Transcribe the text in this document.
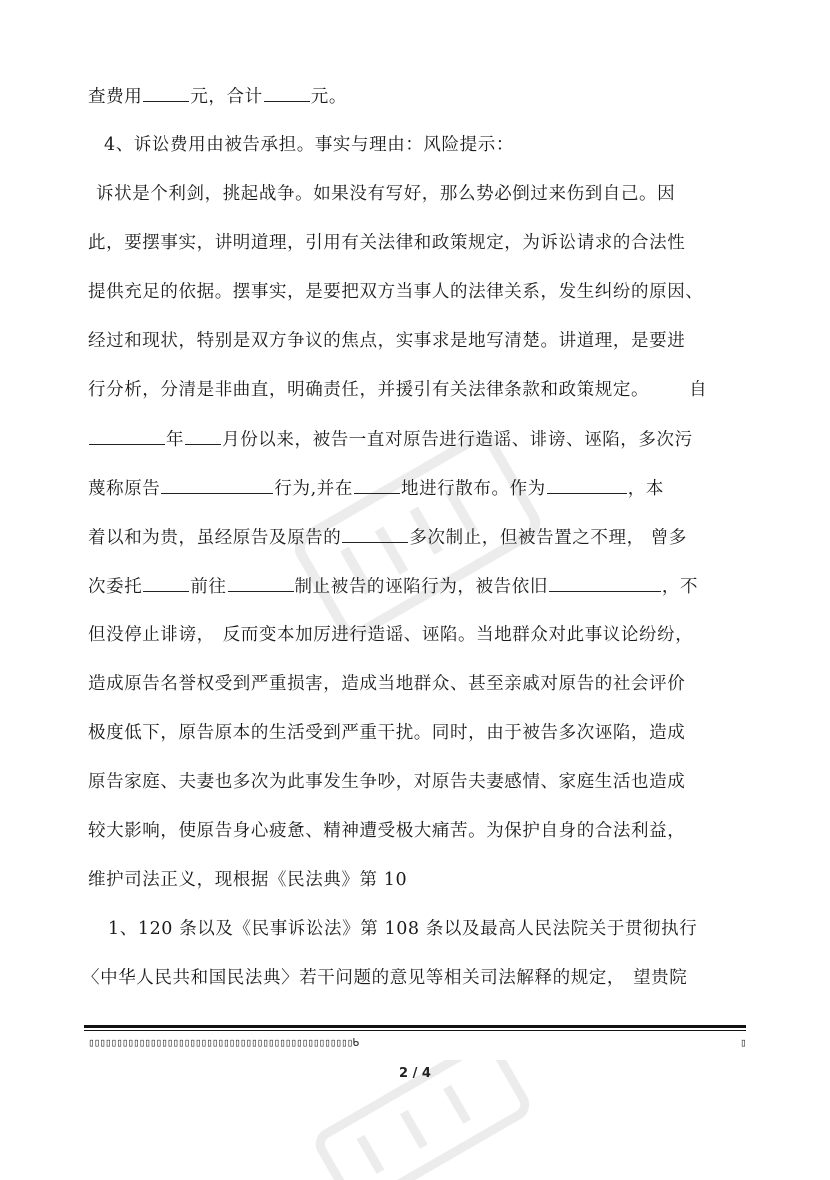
查费用	元，合计	元。
4、诉讼费用由被告承担。事实与理由：风险提示：
诉状是个利剑，挑起战争。如果没有写好，那么势必倒过来伤到自己。因
此，要摆事实，讲明道理，引用有关法律和政策规定，为诉讼请求的合法性
提供充足的依据。摆事实，是要把双方当事人的法律关系，发生纠纷的原因、
经过和现状，特别是双方争议的焦点，实事求是地写清楚。讲道理，是要进
行分析，分清是非曲直，明确责任，并援引有关法律条款和政策规定。 自
年 月份以来，被告一直对原告进行造谣、诽谤、诬陷，多次污
蔑称原告	行为,并在	地进行散布。作为	，本
着以和为贵，虽经原告及原告的	多次制止，但被告置之不理， 曾多
次委托	前往	制止被告的诬陷行为，被告依旧	，不
但没停止诽谤， 反而变本加厉进行造谣、诬陷。当地群众对此事议论纷纷，
造成原告名誉权受到严重损害，造成当地群众、甚至亲戚对原告的社会评价
极度低下，原告原本的生活受到严重干扰。同时，由于被告多次诬陷，造成
原告家庭、夫妻也多次为此事发生争吵，对原告夫妻感情、家庭生活也造成
较大影响，使原告身心疲惫、精神遭受极大痛苦。为保护自身的合法利益，
维护司法正义，现根据《民法典》第 10
1、120 条以及《民事诉讼法》第 108 条以及最高人民法院关于贯彻执行
〈中华人民共和国民法典〉若干问题的意见等相关司法解释的规定， 望贵院
▯▯▯▯▯▯▯▯▯▯▯▯▯▯▯▯▯▯▯▯▯▯▯▯▯▯▯▯▯▯▯▯▯▯▯▯▯▯▯▯▯▯▯▯▯▯▯ᑲ	▯
2 / 4
